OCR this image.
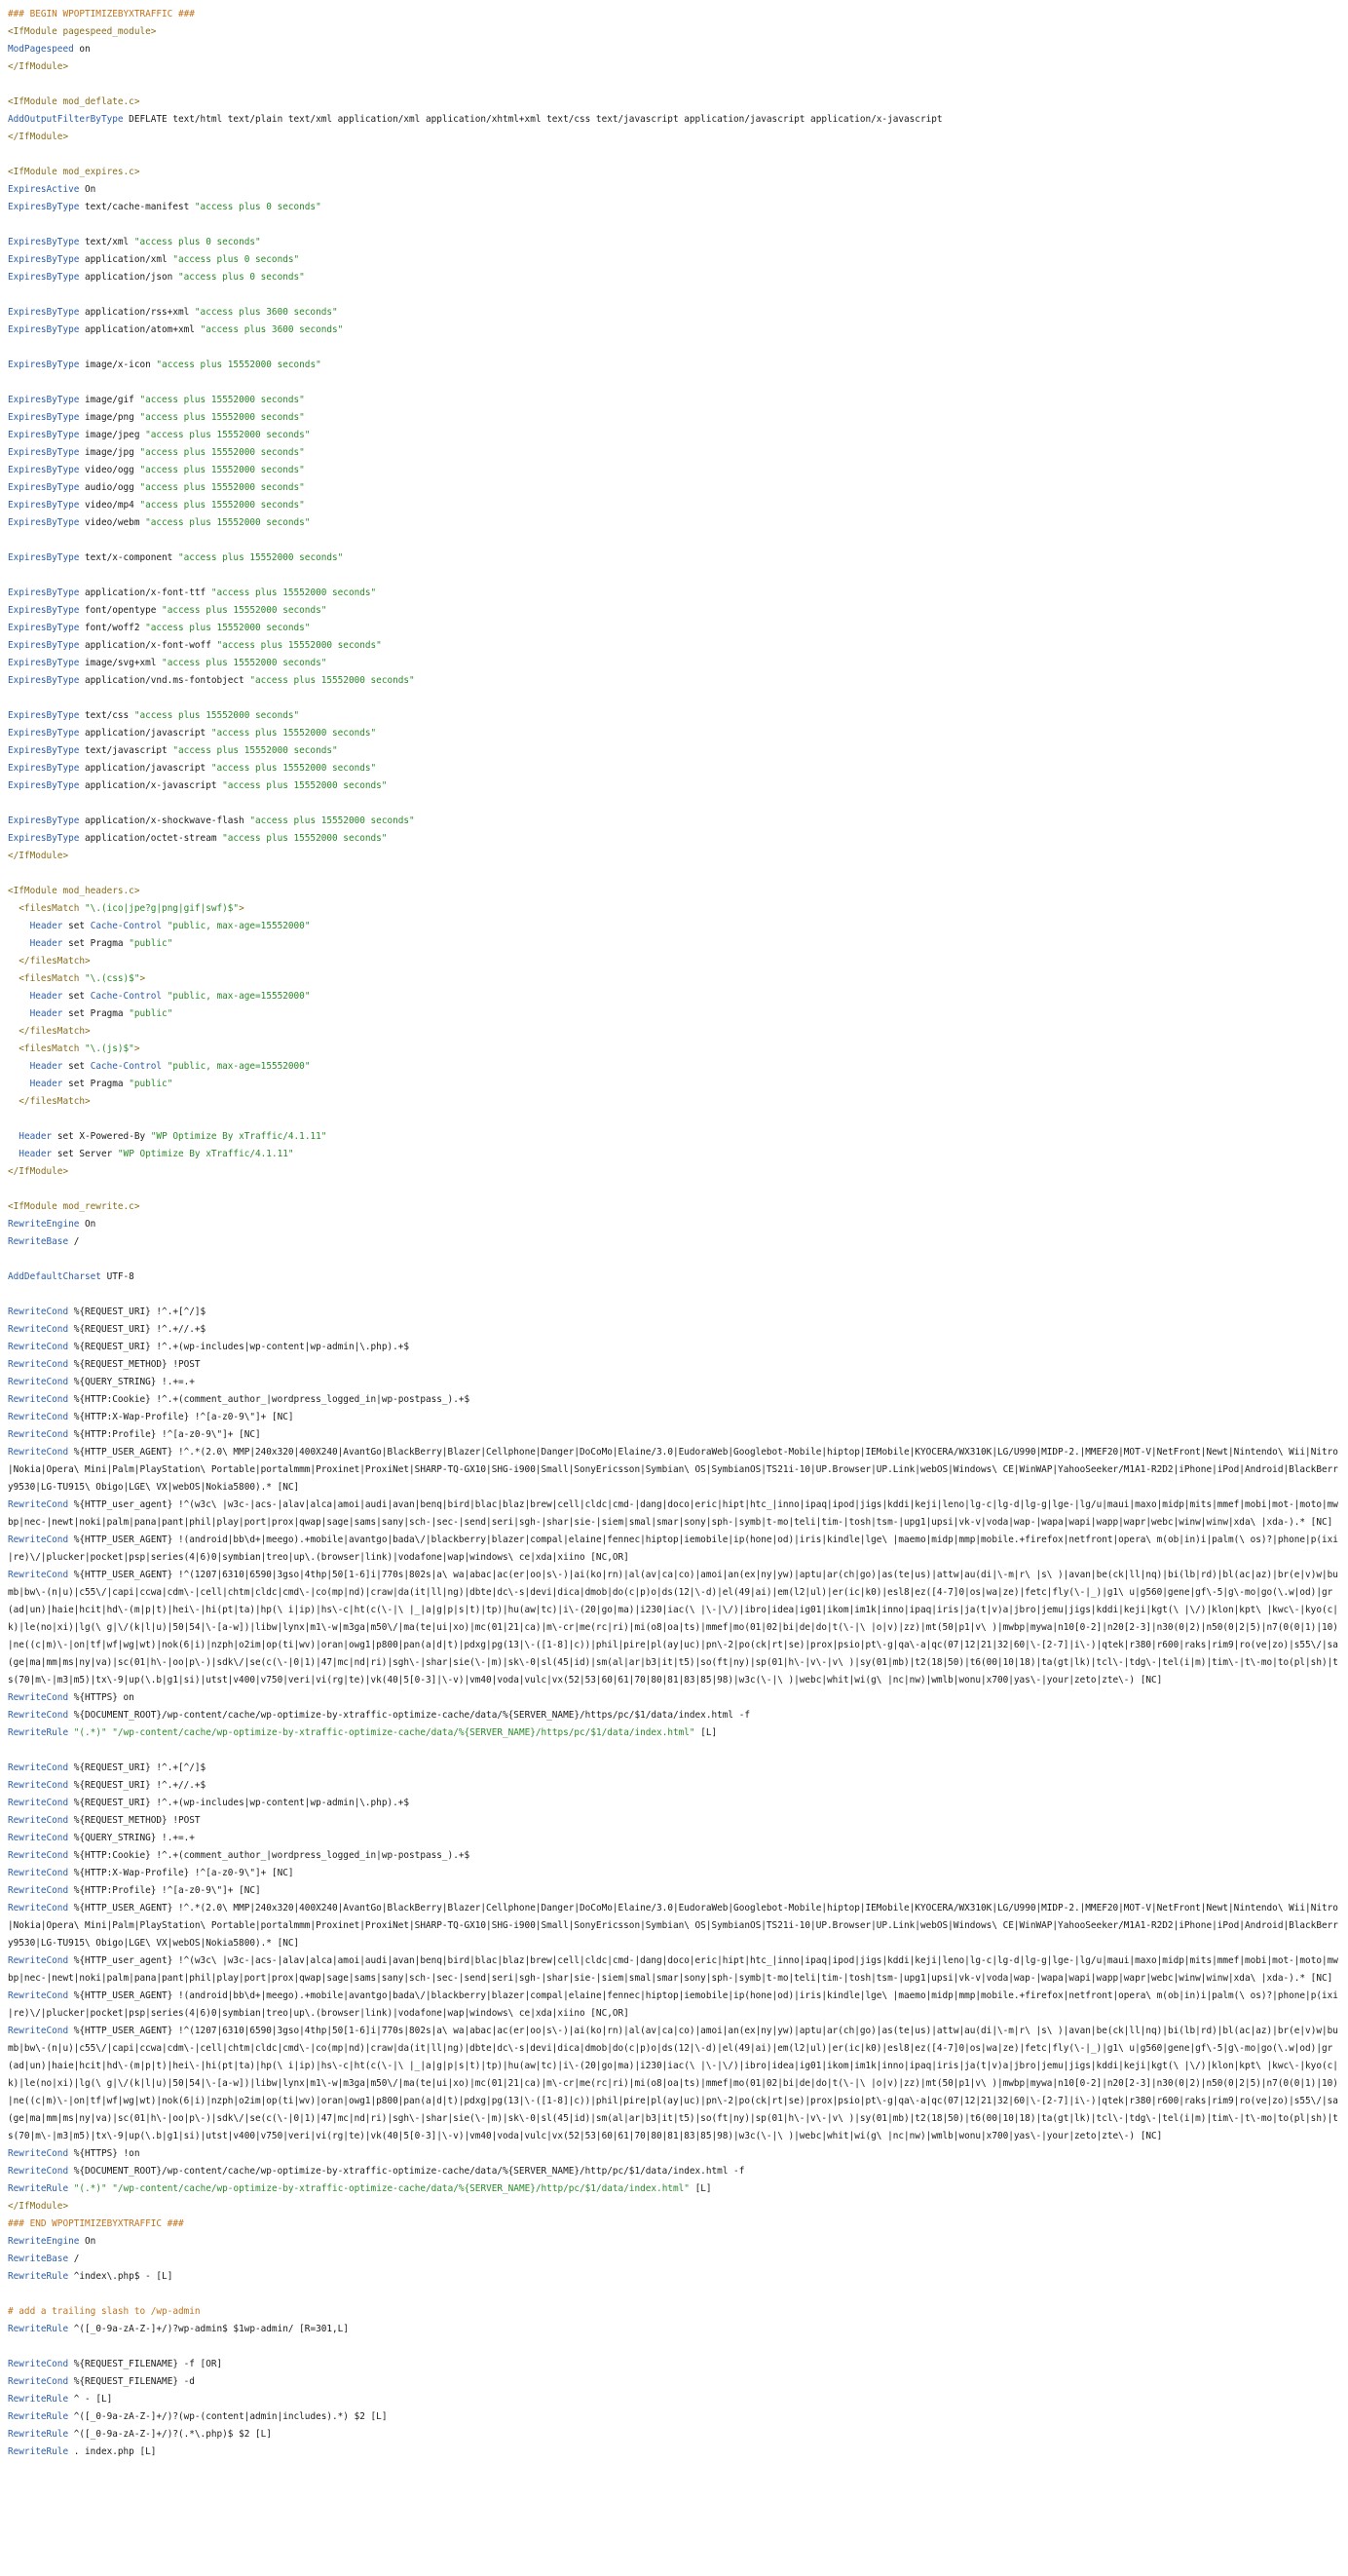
### BEGIN WPOPTIMIZEBYXTRAFFIC ###
<IfModule pagespeed_module>
ModPagespeed on
</IfModule>

<IfModule mod_deflate.c>
AddOutputFilterByType DEFLATE text/html text/plain text/xml application/xml application/xhtml+xml text/css text/javascript application/javascript application/x-javascript
</IfModule>

<IfModule mod_expires.c>
ExpiresActive On
ExpiresByType text/cache-manifest "access plus 0 seconds"

ExpiresByType text/xml "access plus 0 seconds"
ExpiresByType application/xml "access plus 0 seconds"
ExpiresByType application/json "access plus 0 seconds"

ExpiresByType application/rss+xml "access plus 3600 seconds"
ExpiresByType application/atom+xml "access plus 3600 seconds"

ExpiresByType image/x-icon "access plus 15552000 seconds"

ExpiresByType image/gif "access plus 15552000 seconds"
ExpiresByType image/png "access plus 15552000 seconds"
ExpiresByType image/jpeg "access plus 15552000 seconds"
ExpiresByType image/jpg "access plus 15552000 seconds"
ExpiresByType video/ogg "access plus 15552000 seconds"
ExpiresByType audio/ogg "access plus 15552000 seconds"
ExpiresByType video/mp4 "access plus 15552000 seconds"
ExpiresByType video/webm "access plus 15552000 seconds"

ExpiresByType text/x-component "access plus 15552000 seconds"

ExpiresByType application/x-font-ttf "access plus 15552000 seconds"
ExpiresByType font/opentype "access plus 15552000 seconds"
ExpiresByType font/woff2 "access plus 15552000 seconds"
ExpiresByType application/x-font-woff "access plus 15552000 seconds"
ExpiresByType image/svg+xml "access plus 15552000 seconds"
ExpiresByType application/vnd.ms-fontobject "access plus 15552000 seconds"

ExpiresByType text/css "access plus 15552000 seconds"
ExpiresByType application/javascript "access plus 15552000 seconds"
ExpiresByType text/javascript "access plus 15552000 seconds"
ExpiresByType application/javascript "access plus 15552000 seconds"
ExpiresByType application/x-javascript "access plus 15552000 seconds"

ExpiresByType application/x-shockwave-flash "access plus 15552000 seconds"
ExpiresByType application/octet-stream "access plus 15552000 seconds"
</IfModule>

<IfModule mod_headers.c>
<filesMatch "\.(ico|jpe?g|png|gif|swf)$">
Header set Cache-Control "public, max-age=15552000"
Header set Pragma "public"
</filesMatch>
<filesMatch "\.(css)$">
Header set Cache-Control "public, max-age=15552000"
Header set Pragma "public"
</filesMatch>
<filesMatch "\.(js)$">
Header set Cache-Control "public, max-age=15552000"
Header set Pragma "public"
</filesMatch>

Header set X-Powered-By "WP Optimize By xTraffic/4.1.11"
Header set Server "WP Optimize By xTraffic/4.1.11"
</IfModule>

<IfModule mod_rewrite.c>
RewriteEngine On
RewriteBase /

AddDefaultCharset UTF-8

RewriteCond %{REQUEST_URI} !^.+[^/]$
RewriteCond %{REQUEST_URI} !^.+//.+$
RewriteCond %{REQUEST_URI} !^.+(wp-includes|wp-content|wp-admin|\.php).+$
RewriteCond %{REQUEST_METHOD} !POST
RewriteCond %{QUERY_STRING} !.+=.+
RewriteCond %{HTTP:Cookie} !^.+(comment_author_|wordpress_logged_in|wp-postpass_).+$
RewriteCond %{HTTP:X-Wap-Profile} !^[a-z0-9\"]+ [NC]
RewriteCond %{HTTP:Profile} !^[a-z0-9\"]+ [NC]
RewriteCond %{HTTP_USER_AGENT} !^.*(2.0\ MMP|240x320|400X240|AvantGo|BlackBerry|Blazer|Cellphone|Danger|DoCoMo|Elaine/3.0|EudoraWeb|Googlebot-Mobile|hiptop|IEMobile|KYOCERA/WX310K|LG/U990|MIDP-2.|MMEF20|MOT-V|NetFront|Newt|Nintendo\ Wii|Nitro|Nokia|Opera\ Mini|Palm|PlayStation\ Portable|portalmmm|Proxinet|ProxiNet|SHARP-TQ-GX10|SHG-i900|Small|SonyEricsson|Symbian\ OS|SymbianOS|TS21i-10|UP.Browser|UP.Link|webOS|Windows\ CE|WinWAP|YahooSeeker/M1A1-R2D2|iPhone|iPod|Android|BlackBerry9530|LG-TU915\ Obigo|LGE\ VX|webOS|Nokia5800).* [NC]
RewriteCond %{HTTP_user_agent} !^(w3c\ |w3c-|acs-|alav|alca|amoi|audi|avan|benq|bird|blac|blaz|brew|cell|cldc|cmd-|dang|doco|eric|hipt|htc_|inno|ipaq|ipod|jigs|kddi|keji|leno|lg-c|lg-d|lg-g|lge-|lg/u|maui|maxo|midp|mits|mmef|mobi|mot-|moto|mwbp|nec-|newt|noki|palm|pana|pant|phil|play|port|prox|qwap|sage|sams|sany|sch-|sec-|send|seri|sgh-|shar|sie-|siem|smal|smar|sony|sph-|symb|t-mo|teli|tim-|tosh|tsm-|upg1|upsi|vk-v|voda|wap-|wapa|wapi|wapp|wapr|webc|winw|winw|xda\ |xda-).* [NC]
RewriteCond %{HTTP_USER_AGENT} !(android|bb\d+|meego).+mobile|avantgo|bada\/|blackberry|blazer|compal|elaine|fennec|hiptop|iemobile|ip(hone|od)|iris|kindle|lge\ |maemo|midp|mmp|mobile.+firefox|netfront|opera\ m(ob|in)i|palm(\ os)?|phone|p(ixi|re)\/|plucker|pocket|psp|series(4|6)0|symbian|treo|up\.(browser|link)|vodafone|wap|windows\ ce|xda|xiino [NC,OR]
RewriteCond %{HTTP_USER_AGENT} !^(1207|6310|6590|3gso|4thp|50[1-6]i|770s|802s|a\ wa|abac|ac(er|oo|s\-)|ai(ko|rn)|al(av|ca|co)|amoi|an(ex|ny|yw)|aptu|ar(ch|go)|as(te|us)|attw|au(di|\-m|r\ |s\ )|avan|be(ck|ll|nq)|bi(lb|rd)|bl(ac|az)|br(e|v)w|bumb|bw\-(n|u)|c55\/|capi|ccwa|cdm\-|cell|chtm|cldc|cmd\-|co(mp|nd)|craw|da(it|ll|ng)|dbte|dc\-s|devi|dica|dmob|do(c|p)o|ds(12|\-d)|el(49|ai)|em(l2|ul)|er(ic|k0)|esl8|ez([4-7]0|os|wa|ze)|fetc|fly(\-|_)|g1\ u|g560|gene|gf\-5|g\-mo|go(\.w|od)|gr(ad|un)|haie|hcit|hd\-(m|p|t)|hei\-|hi(pt|ta)|hp(\ i|ip)|hs\-c|ht(c(\-|\ |_|a|g|p|s|t)|tp)|hu(aw|tc)|i\-(20|go|ma)|i230|iac(\ |\-|\/)|ibro|idea|ig01|ikom|im1k|inno|ipaq|iris|ja(t|v)a|jbro|jemu|jigs|kddi|keji|kgt(\ |\/)|klon|kpt\ |kwc\-|kyo(c|k)|le(no|xi)|lg(\ g|\/(k|l|u)|50|54|\-[a-w])|libw|lynx|m1\-w|m3ga|m50\/|ma(te|ui|xo)|mc(01|21|ca)|m\-cr|me(rc|ri)|mi(o8|oa|ts)|mmef|mo(01|02|bi|de|do|t(\-|\ |o|v)|zz)|mt(50|p1|v\ )|mwbp|mywa|n10[0-2]|n20[2-3]|n30(0|2)|n50(0|2|5)|n7(0(0|1)|10)|ne((c|m)\-|on|tf|wf|wg|wt)|nok(6|i)|nzph|o2im|op(ti|wv)|oran|owg1|p800|pan(a|d|t)|pdxg|pg(13|\-([1-8]|c))|phil|pire|pl(ay|uc)|pn\-2|po(ck|rt|se)|prox|psio|pt\-g|qa\-a|qc(07|12|21|32|60|\-[2-7]|i\-)|qtek|r380|r600|raks|rim9|ro(ve|zo)|s55\/|sa(ge|ma|mm|ms|ny|va)|sc(01|h\-|oo|p\-)|sdk\/|se(c(\-|0|1)|47|mc|nd|ri)|sgh\-|shar|sie(\-|m)|sk\-0|sl(45|id)|sm(al|ar|b3|it|t5)|so(ft|ny)|sp(01|h\-|v\-|v\ )|sy(01|mb)|t2(18|50)|t6(00|10|18)|ta(gt|lk)|tcl\-|tdg\-|tel(i|m)|tim\-|t\-mo|to(pl|sh)|ts(70|m\-|m3|m5)|tx\-9|up(\.b|g1|si)|utst|v400|v750|veri|vi(rg|te)|vk(40|5[0-3]|\-v)|vm40|voda|vulc|vx(52|53|60|61|70|80|81|83|85|98)|w3c(\-|\ )|webc|whit|wi(g\ |nc|nw)|wmlb|wonu|x700|yas\-|your|zeto|zte\-) [NC]
RewriteCond %{HTTPS} on
RewriteCond %{DOCUMENT_ROOT}/wp-content/cache/wp-optimize-by-xtraffic-optimize-cache/data/%{SERVER_NAME}/https/pc/$1/data/index.html -f
RewriteRule "(.*)" "/wp-content/cache/wp-optimize-by-xtraffic-optimize-cache/data/%{SERVER_NAME}/https/pc/$1/data/index.html" [L]

RewriteCond %{REQUEST_URI} !^.+[^/]$
RewriteCond %{REQUEST_URI} !^.+//.+$
RewriteCond %{REQUEST_URI} !^.+(wp-includes|wp-content|wp-admin|\.php).+$
RewriteCond %{REQUEST_METHOD} !POST
RewriteCond %{QUERY_STRING} !.+=.+
RewriteCond %{HTTP:Cookie} !^.+(comment_author_|wordpress_logged_in|wp-postpass_).+$
RewriteCond %{HTTP:X-Wap-Profile} !^[a-z0-9\"]+ [NC]
RewriteCond %{HTTP:Profile} !^[a-z0-9\"]+ [NC]
RewriteCond %{HTTP_USER_AGENT} !^.*(2.0\ MMP|240x320|400X240|AvantGo|BlackBerry|Blazer|Cellphone|Danger|DoCoMo|Elaine/3.0|EudoraWeb|Googlebot-Mobile|hiptop|IEMobile|KYOCERA/WX310K|LG/U990|MIDP-2.|MMEF20|MOT-V|NetFront|Newt|Nintendo\ Wii|Nitro|Nokia|Opera\ Mini|Palm|PlayStation\ Portable|portalmmm|Proxinet|ProxiNet|SHARP-TQ-GX10|SHG-i900|Small|SonyEricsson|Symbian\ OS|SymbianOS|TS21i-10|UP.Browser|UP.Link|webOS|Windows\ CE|WinWAP|YahooSeeker/M1A1-R2D2|iPhone|iPod|Android|BlackBerry9530|LG-TU915\ Obigo|LGE\ VX|webOS|Nokia5800).* [NC]
RewriteCond %{HTTP_user_agent} !^(w3c\ |w3c-|acs-|alav|alca|amoi|audi|avan|benq|bird|blac|blaz|brew|cell|cldc|cmd-|dang|doco|eric|hipt|htc_|inno|ipaq|ipod|jigs|kddi|keji|leno|lg-c|lg-d|lg-g|lge-|lg/u|maui|maxo|midp|mits|mmef|mobi|mot-|moto|mwbp|nec-|newt|noki|palm|pana|pant|phil|play|port|prox|qwap|sage|sams|sany|sch-|sec-|send|seri|sgh-|shar|sie-|siem|smal|smar|sony|sph-|symb|t-mo|teli|tim-|tosh|tsm-|upg1|upsi|vk-v|voda|wap-|wapa|wapi|wapp|wapr|webc|winw|winw|xda\ |xda-).* [NC]
RewriteCond %{HTTP_USER_AGENT} !(android|bb\d+|meego).+mobile|avantgo|bada\/|blackberry|blazer|compal|elaine|fennec|hiptop|iemobile|ip(hone|od)|iris|kindle|lge\ |maemo|midp|mmp|mobile.+firefox|netfront|opera\ m(ob|in)i|palm(\ os)?|phone|p(ixi|re)\/|plucker|pocket|psp|series(4|6)0|symbian|treo|up\.(browser|link)|vodafone|wap|windows\ ce|xda|xiino [NC,OR]
RewriteCond %{HTTP_USER_AGENT} !^(1207|6310|6590|3gso|4thp|50[1-6]i|770s|802s|a\ wa|abac|ac(er|oo|s\-)|ai(ko|rn)|al(av|ca|co)|amoi|an(ex|ny|yw)|aptu|ar(ch|go)|as(te|us)|attw|au(di|\-m|r\ |s\ )|avan|be(ck|ll|nq)|bi(lb|rd)|bl(ac|az)|br(e|v)w|bumb|bw\-(n|u)|c55\/|capi|ccwa|cdm\-|cell|chtm|cldc|cmd\-|co(mp|nd)|craw|da(it|ll|ng)|dbte|dc\-s|devi|dica|dmob|do(c|p)o|ds(12|\-d)|el(49|ai)|em(l2|ul)|er(ic|k0)|esl8|ez([4-7]0|os|wa|ze)|fetc|fly(\-|_)|g1\ u|g560|gene|gf\-5|g\-mo|go(\.w|od)|gr(ad|un)|haie|hcit|hd\-(m|p|t)|hei\-|hi(pt|ta)|hp(\ i|ip)|hs\-c|ht(c(\-|\ |_|a|g|p|s|t)|tp)|hu(aw|tc)|i\-(20|go|ma)|i230|iac(\ |\-|\/)|ibro|idea|ig01|ikom|im1k|inno|ipaq|iris|ja(t|v)a|jbro|jemu|jigs|kddi|keji|kgt(\ |\/)|klon|kpt\ |kwc\-|kyo(c|k)|le(no|xi)|lg(\ g|\/(k|l|u)|50|54|\-[a-w])|libw|lynx|m1\-w|m3ga|m50\/|ma(te|ui|xo)|mc(01|21|ca)|m\-cr|me(rc|ri)|mi(o8|oa|ts)|mmef|mo(01|02|bi|de|do|t(\-|\ |o|v)|zz)|mt(50|p1|v\ )|mwbp|mywa|n10[0-2]|n20[2-3]|n30(0|2)|n50(0|2|5)|n7(0(0|1)|10)|ne((c|m)\-|on|tf|wf|wg|wt)|nok(6|i)|nzph|o2im|op(ti|wv)|oran|owg1|p800|pan(a|d|t)|pdxg|pg(13|\-([1-8]|c))|phil|pire|pl(ay|uc)|pn\-2|po(ck|rt|se)|prox|psio|pt\-g|qa\-a|qc(07|12|21|32|60|\-[2-7]|i\-)|qtek|r380|r600|raks|rim9|ro(ve|zo)|s55\/|sa(ge|ma|mm|ms|ny|va)|sc(01|h\-|oo|p\-)|sdk\/|se(c(\-|0|1)|47|mc|nd|ri)|sgh\-|shar|sie(\-|m)|sk\-0|sl(45|id)|sm(al|ar|b3|it|t5)|so(ft|ny)|sp(01|h\-|v\-|v\ )|sy(01|mb)|t2(18|50)|t6(00|10|18)|ta(gt|lk)|tcl\-|tdg\-|tel(i|m)|tim\-|t\-mo|to(pl|sh)|ts(70|m\-|m3|m5)|tx\-9|up(\.b|g1|si)|utst|v400|v750|veri|vi(rg|te)|vk(40|5[0-3]|\-v)|vm40|voda|vulc|vx(52|53|60|61|70|80|81|83|85|98)|w3c(\-|\ )|webc|whit|wi(g\ |nc|nw)|wmlb|wonu|x700|yas\-|your|zeto|zte\-) [NC]
RewriteCond %{HTTPS} !on
RewriteCond %{DOCUMENT_ROOT}/wp-content/cache/wp-optimize-by-xtraffic-optimize-cache/data/%{SERVER_NAME}/http/pc/$1/data/index.html -f
RewriteRule "(.*)" "/wp-content/cache/wp-optimize-by-xtraffic-optimize-cache/data/%{SERVER_NAME}/http/pc/$1/data/index.html" [L]
</IfModule>
### END WPOPTIMIZEBYXTRAFFIC ###
RewriteEngine On
RewriteBase /
RewriteRule ^index\.php$ - [L]

# add a trailing slash to /wp-admin
RewriteRule ^([_0-9a-zA-Z-]+/)?wp-admin$ $1wp-admin/ [R=301,L]

RewriteCond %{REQUEST_FILENAME} -f [OR]
RewriteCond %{REQUEST_FILENAME} -d
RewriteRule ^ - [L]
RewriteRule ^([_0-9a-zA-Z-]+/)?(wp-(content|admin|includes).*) $2 [L]
RewriteRule ^([_0-9a-zA-Z-]+/)?(.*\.php)$ $2 [L]
RewriteRule . index.php [L]
